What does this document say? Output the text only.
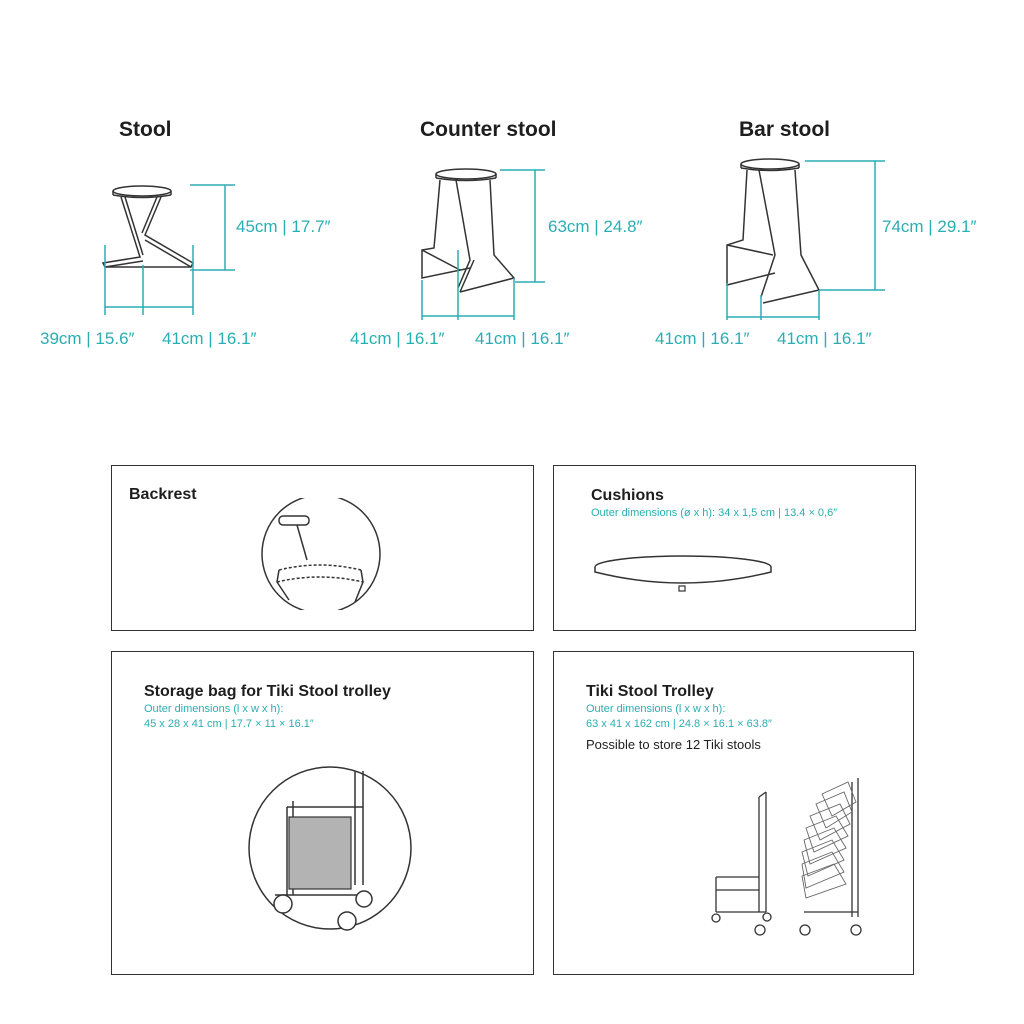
Stool
45cm | 17.7″
39cm | 15.6″ 41cm | 16.1″
Counter stool
63cm | 24.8″
41cm | 16.1″ 41cm | 16.1″
Bar stool
74cm | 29.1″
41cm | 16.1″ 41cm | 16.1″
Backrest	Cushions
Outer dimensions (ø x h): 34 x 1,5 cm | 13.4 × 0,6″
Storage bag for Tiki Stool trolley
Outer dimensions (l x w x h):
45 x 28 x 41 cm | 17.7 × 11 × 16.1″
Tiki Stool Trolley
Outer dimensions (l x w x h):
63 x 41 x 162 cm | 24.8 × 16.1 × 63.8″
Possible to store 12 Tiki stools
